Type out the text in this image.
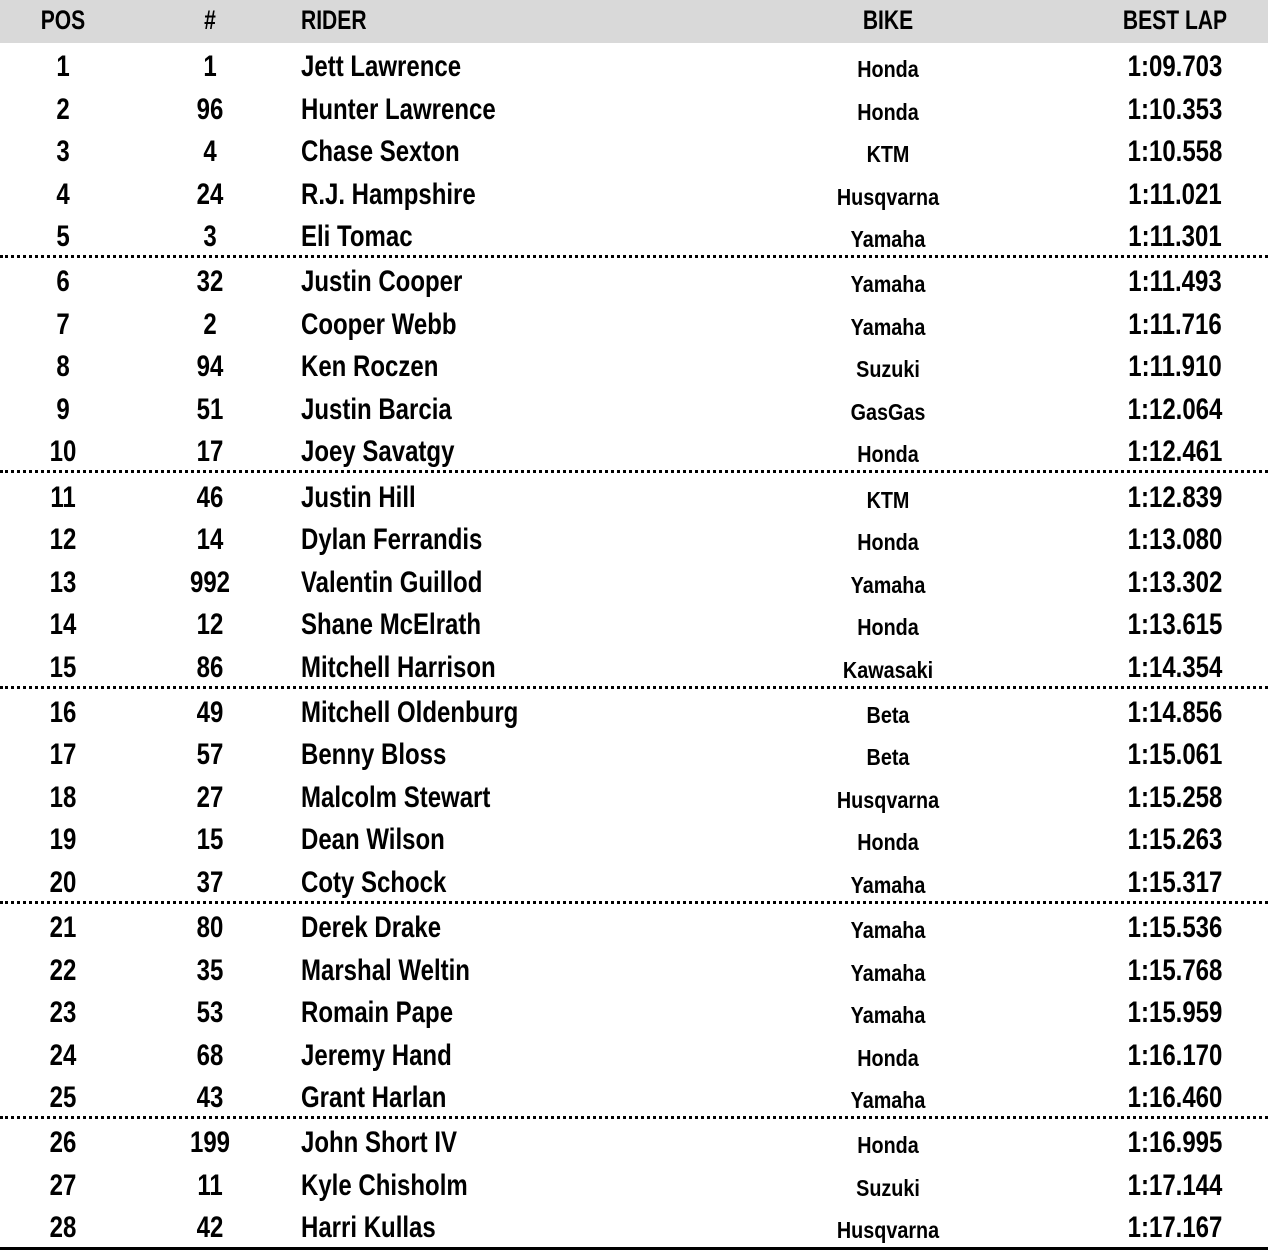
POS	#	RIDER	BIKE	BEST LAP
1	1	Jett Lawrence	Honda	1:09.703
2	96	Hunter Lawrence	Honda	1:10.353
3	4	Chase Sexton	KTM	1:10.558
4	24	R.J. Hampshire	Husqvarna	1:11.021
5	3	Eli Tomac	Yamaha	1:11.301
6	32	Justin Cooper	Yamaha	1:11.493
7	2	Cooper Webb	Yamaha	1:11.716
8	94	Ken Roczen	Suzuki	1:11.910
9	51	Justin Barcia	GasGas	1:12.064
10	17	Joey Savatgy	Honda	1:12.461
11	46	Justin Hill	KTM	1:12.839
12	14	Dylan Ferrandis	Honda	1:13.080
13	992	Valentin Guillod	Yamaha	1:13.302
14	12	Shane McElrath	Honda	1:13.615
15	86	Mitchell Harrison	Kawasaki	1:14.354
16	49	Mitchell Oldenburg	Beta	1:14.856
17	57	Benny Bloss	Beta	1:15.061
18	27	Malcolm Stewart	Husqvarna	1:15.258
19	15	Dean Wilson	Honda	1:15.263
20	37	Coty Schock	Yamaha	1:15.317
21	80	Derek Drake	Yamaha	1:15.536
22	35	Marshal Weltin	Yamaha	1:15.768
23	53	Romain Pape	Yamaha	1:15.959
24	68	Jeremy Hand	Honda	1:16.170
25	43	Grant Harlan	Yamaha	1:16.460
26	199	John Short IV	Honda	1:16.995
27	11	Kyle Chisholm	Suzuki	1:17.144
28	42	Harri Kullas	Husqvarna	1:17.167
